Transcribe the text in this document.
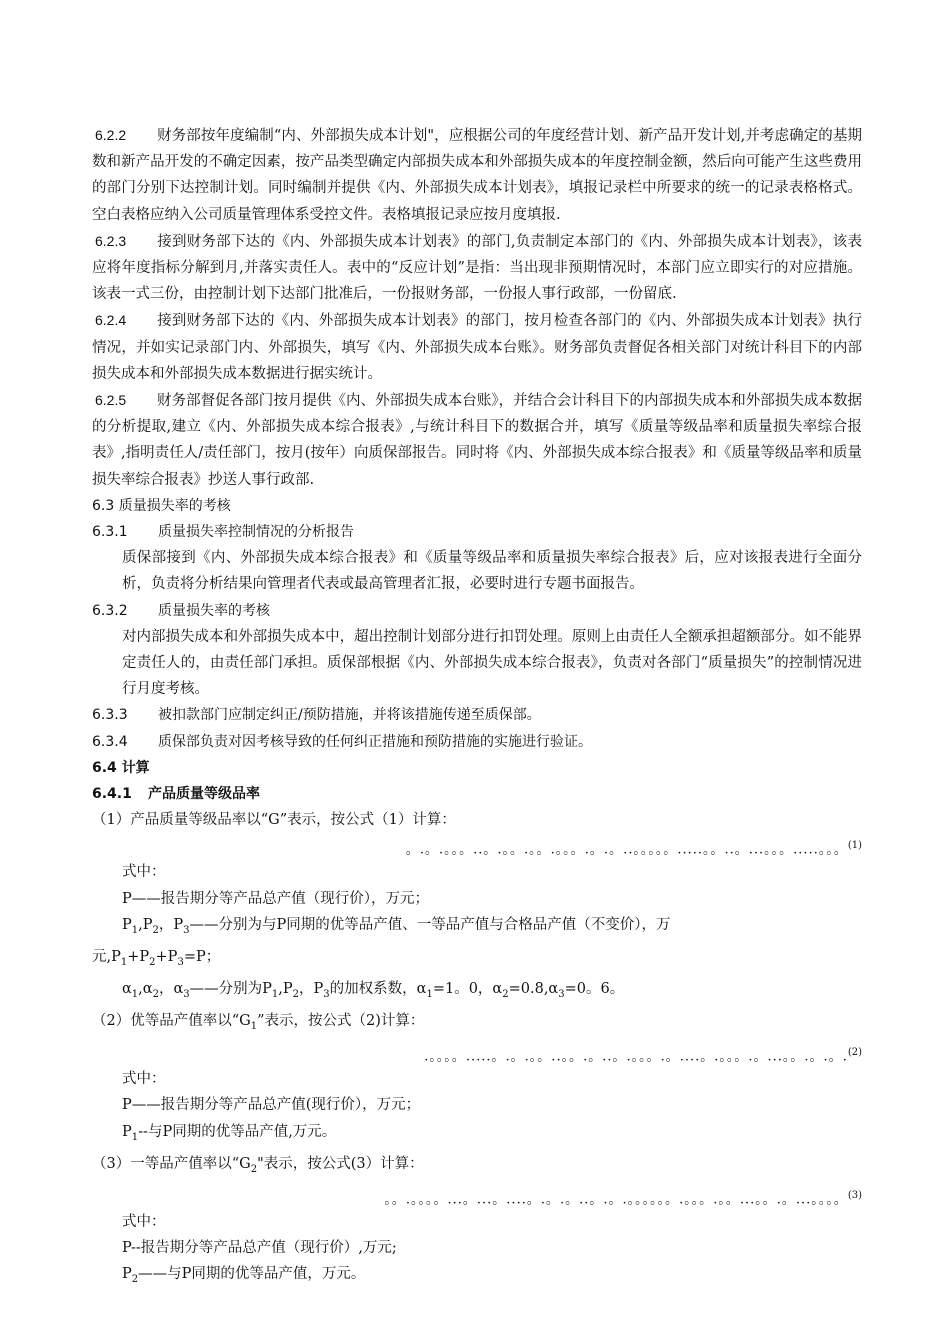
6.2.2 财务部按年度编制“内、外部损失成本计划"，应根据公司的年度经营计划、新产品开发计划,并考虑确定的基期数和新产品开发的不确定因素，按产品类型确定内部损失成本和外部损失成本的年度控制金额，然后向可能产生这些费用的部门分别下达控制计划。同时编制并提供《内、外部损失成本计划表》，填报记录栏中所要求的统一的记录表格格式。空白表格应纳入公司质量管理体系受控文件。表格填报记录应按月度填报.

6.2.3 接到财务部下达的《内、外部损失成本计划表》的部门,负责制定本部门的《内、外部损失成本计划表》，该表应将年度指标分解到月,并落实责任人。表中的“反应计划”是指：当出现非预期情况时，本部门应立即实行的对应措施。该表一式三份，由控制计划下达部门批准后，一份报财务部，一份报人事行政部，一份留底.

6.2.4 接到财务部下达的《内、外部损失成本计划表》的部门，按月检查各部门的《内、外部损失成本计划表》执行情况，并如实记录部门内、外部损失，填写《内、外部损失成本台账》。财务部负责督促各相关部门对统计科目下的内部损失成本和外部损失成本数据进行据实统计。

6.2.5 财务部督促各部门按月提供《内、外部损失成本台账》，并结合会计科目下的内部损失成本和外部损失成本数据的分析提取,建立《内、外部损失成本综合报表》,与统计科目下的数据合并，填写《质量等级品率和质量损失率综合报表》,指明责任人/责任部门，按月(按年）向质保部报告。同时将《内、外部损失成本综合报表》和《质量等级品率和质量损失率综合报表》抄送人事行政部.

6.3 质量损失率的考核

6.3.1 质量损失率控制情况的分析报告

质保部接到《内、外部损失成本综合报表》和《质量等级品率和质量损失率综合报表》后，应对该报表进行全面分析，负责将分析结果向管理者代表或最高管理者汇报，必要时进行专题书面报告。

6.3.2 质量损失率的考核

对内部损失成本和外部损失成本中，超出控制计划部分进行扣罚处理。原则上由责任人全额承担超额部分。如不能界定责任人的，由责任部门承担。质保部根据《内、外部损失成本综合报表》，负责对各部门“质量损失”的控制情况进行月度考核。

6.3.3 被扣款部门应制定纠正/预防措施，并将该措施传递至质保部。

6.3.4 质保部负责对因考核导致的任何纠正措施和预防措施的实施进行验证。

6.4 计算

6.4.1 产品质量等级品率

（1）产品质量等级品率以“G”表示，按公式（1）计算：

。.。.。。。..。.。。.。。.。。。.。.。..。。。。。.....。。..。...。。。.....。。。$^{(1)}$

式中：

P——报告期分等产品总产值（现行价），万元；

$P_1,P_2$，$P_3——$分别为与P同期的优等品产值、一等品产值与合格品产值（不变价），万

元$,P_1+P_2+P_3=P$；

$\alpha_1,\alpha_2$，$\alpha_3——$分别为$P_1,P_2$，$P_3$的加权系数，$\alpha_1=1$。0，$\alpha_2=0.8,\alpha_3=0$。6。

（2）优等品产值率以“$G_1$”表示，按公式（2)计算：

.。。。。.....。.。.。。..。。.。..。.。。。.。....。.。。。.。...。。.。.。.$^{(2)}$

式中：

P——报告期分等产品总产值(现行价），万元；

$P_1--$与P同期的优等品产值,万元。

（3）一等品产值率以“$G_2$"表示，按公式(3）计算：

。。.。。。。...。...。....。.。.。..。.。.。。。。。。.。。。.。。...。。.。...。。。。$^{(3)}$

式中：

P--报告期分等产品总产值（现行价）,万元;

$P_2——$与P同期的优等品产值，万元。
